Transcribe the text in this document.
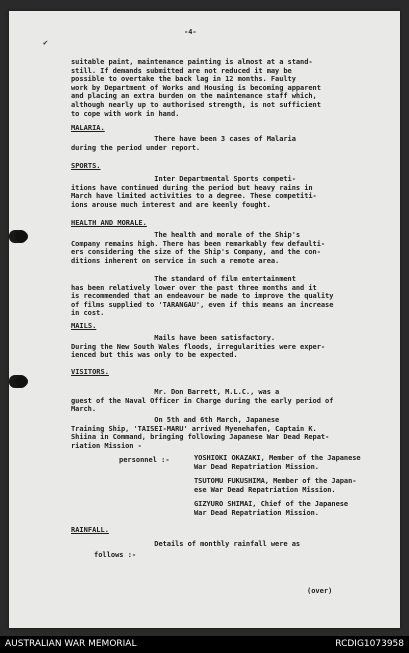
-4-
✔
suitable paint, maintenance painting is almost at a stand-
still. If demands submitted are not reduced it may be
possible to overtake the back lag in 12 months. Faulty
work by Department of Works and Housing is becoming apparent
and placing an extra burden on the maintenance staff which,
although nearly up to authorised strength, is not sufficient
to cope with work in hand.
MALARIA.
There have been 3 cases of Malaria
during the period under report.
SPORTS.
Inter Departmental Sports competi-
itions have continued during the period but heavy rains in
March have limited activities to a degree. These competiti-
ions arouse much interest and are keenly fought.
HEALTH AND MORALE.
The health and morale of the Ship's
Company remains high. There has been remarkably few defaulti-
ers considering the size of the Ship's Company, and the con-
ditions inherent on service in such a remote area.
The standard of film entertainment
has been relatively lower over the past three months and it
is recommended that an endeavour be made to improve the quality
of films supplied to 'TARANGAU', even if this means an increase
in cost.
MAILS.
Mails have been satisfactory.
During the New South Wales floods, irregularities were exper-
ienced but this was only to be expected.
VISITORS.
Mr. Don Barrett, M.L.C., was a
guest of the Naval Officer in Charge during the early period of
March.
On 5th and 6th March, Japanese
Training Ship, 'TAISEI-MARU' arrived Myenehafen, Captain K.
Shiina in Command, bringing following Japanese War Dead Repat-
riation Mission -
personnel :-	YOSHIOKI OKAZAKI, Member of the Japanese
War Dead Repatriation Mission.
TSUTOMU FUKUSHIMA, Member of the Japan-
ese War Dead Repatriation Mission.
GIZYURO SHIMAI, Chief of the Japanese
War Dead Repatriation Mission.
RAINFALL.
Details of monthly rainfall were as
follows :-
(over)
AUSTRALIAN WAR MEMORIAL	RCDIG1073958
